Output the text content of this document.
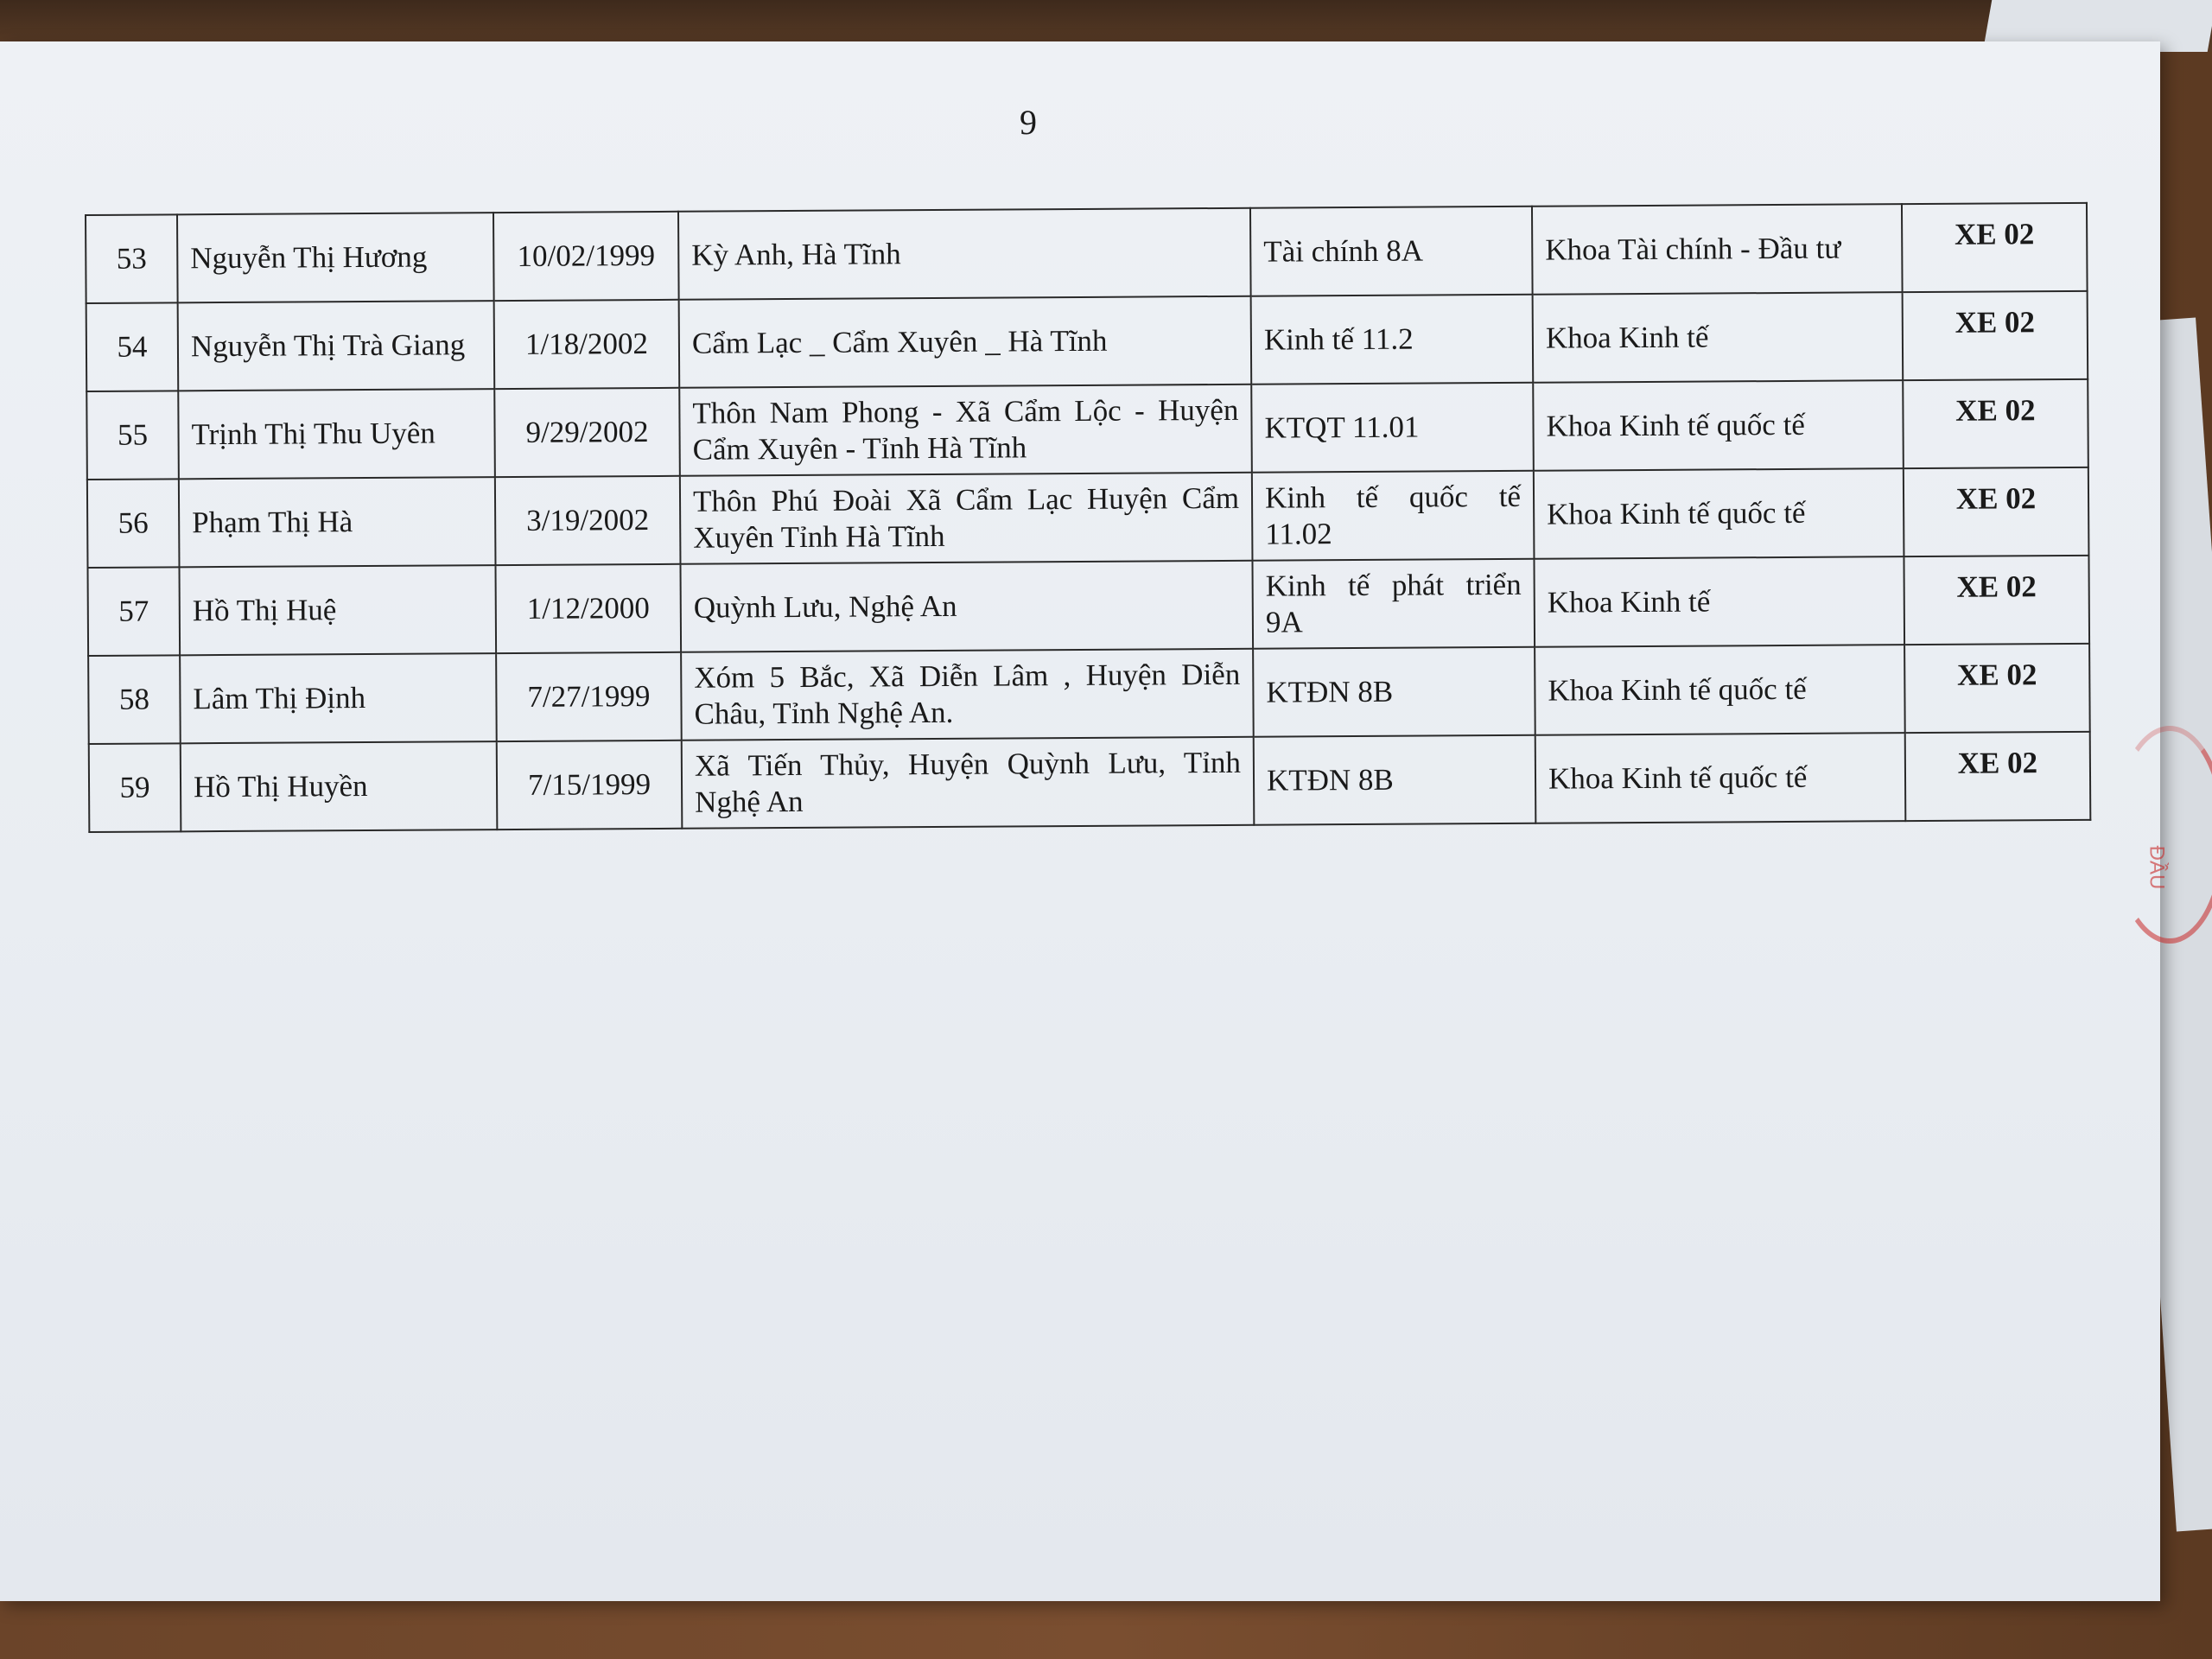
9
53	Nguyễn Thị Hương	10/02/1999	Kỳ Anh, Hà Tĩnh	Tài chính 8A	Khoa Tài chính - Đầu tư	XE 02
54	Nguyễn Thị Trà Giang	1/18/2002	Cẩm Lạc _ Cẩm Xuyên _ Hà Tĩnh	Kinh tế 11.2	Khoa Kinh tế	XE 02
55	Trịnh Thị Thu Uyên	9/29/2002	Thôn Nam Phong - Xã Cẩm Lộc - Huyện Cẩm Xuyên - Tỉnh Hà Tĩnh	KTQT 11.01	Khoa Kinh tế quốc tế	XE 02
56	Phạm Thị Hà	3/19/2002	Thôn Phú Đoài Xã Cẩm Lạc Huyện Cẩm Xuyên Tỉnh Hà Tĩnh	Kinh tế quốc tế 11.02	Khoa Kinh tế quốc tế	XE 02
57	Hồ Thị Huệ	1/12/2000	Quỳnh Lưu, Nghệ An	Kinh tế phát triển 9A	Khoa Kinh tế	XE 02
58	Lâm Thị Định	7/27/1999	Xóm 5 Bắc, Xã Diễn Lâm , Huyện Diễn Châu, Tỉnh Nghệ An.	KTĐN 8B	Khoa Kinh tế quốc tế	XE 02
59	Hồ Thị Huyền	7/15/1999	Xã Tiến Thủy, Huyện Quỳnh Lưu, Tỉnh Nghệ An	KTĐN 8B	Khoa Kinh tế quốc tế	XE 02
ĐẦU
